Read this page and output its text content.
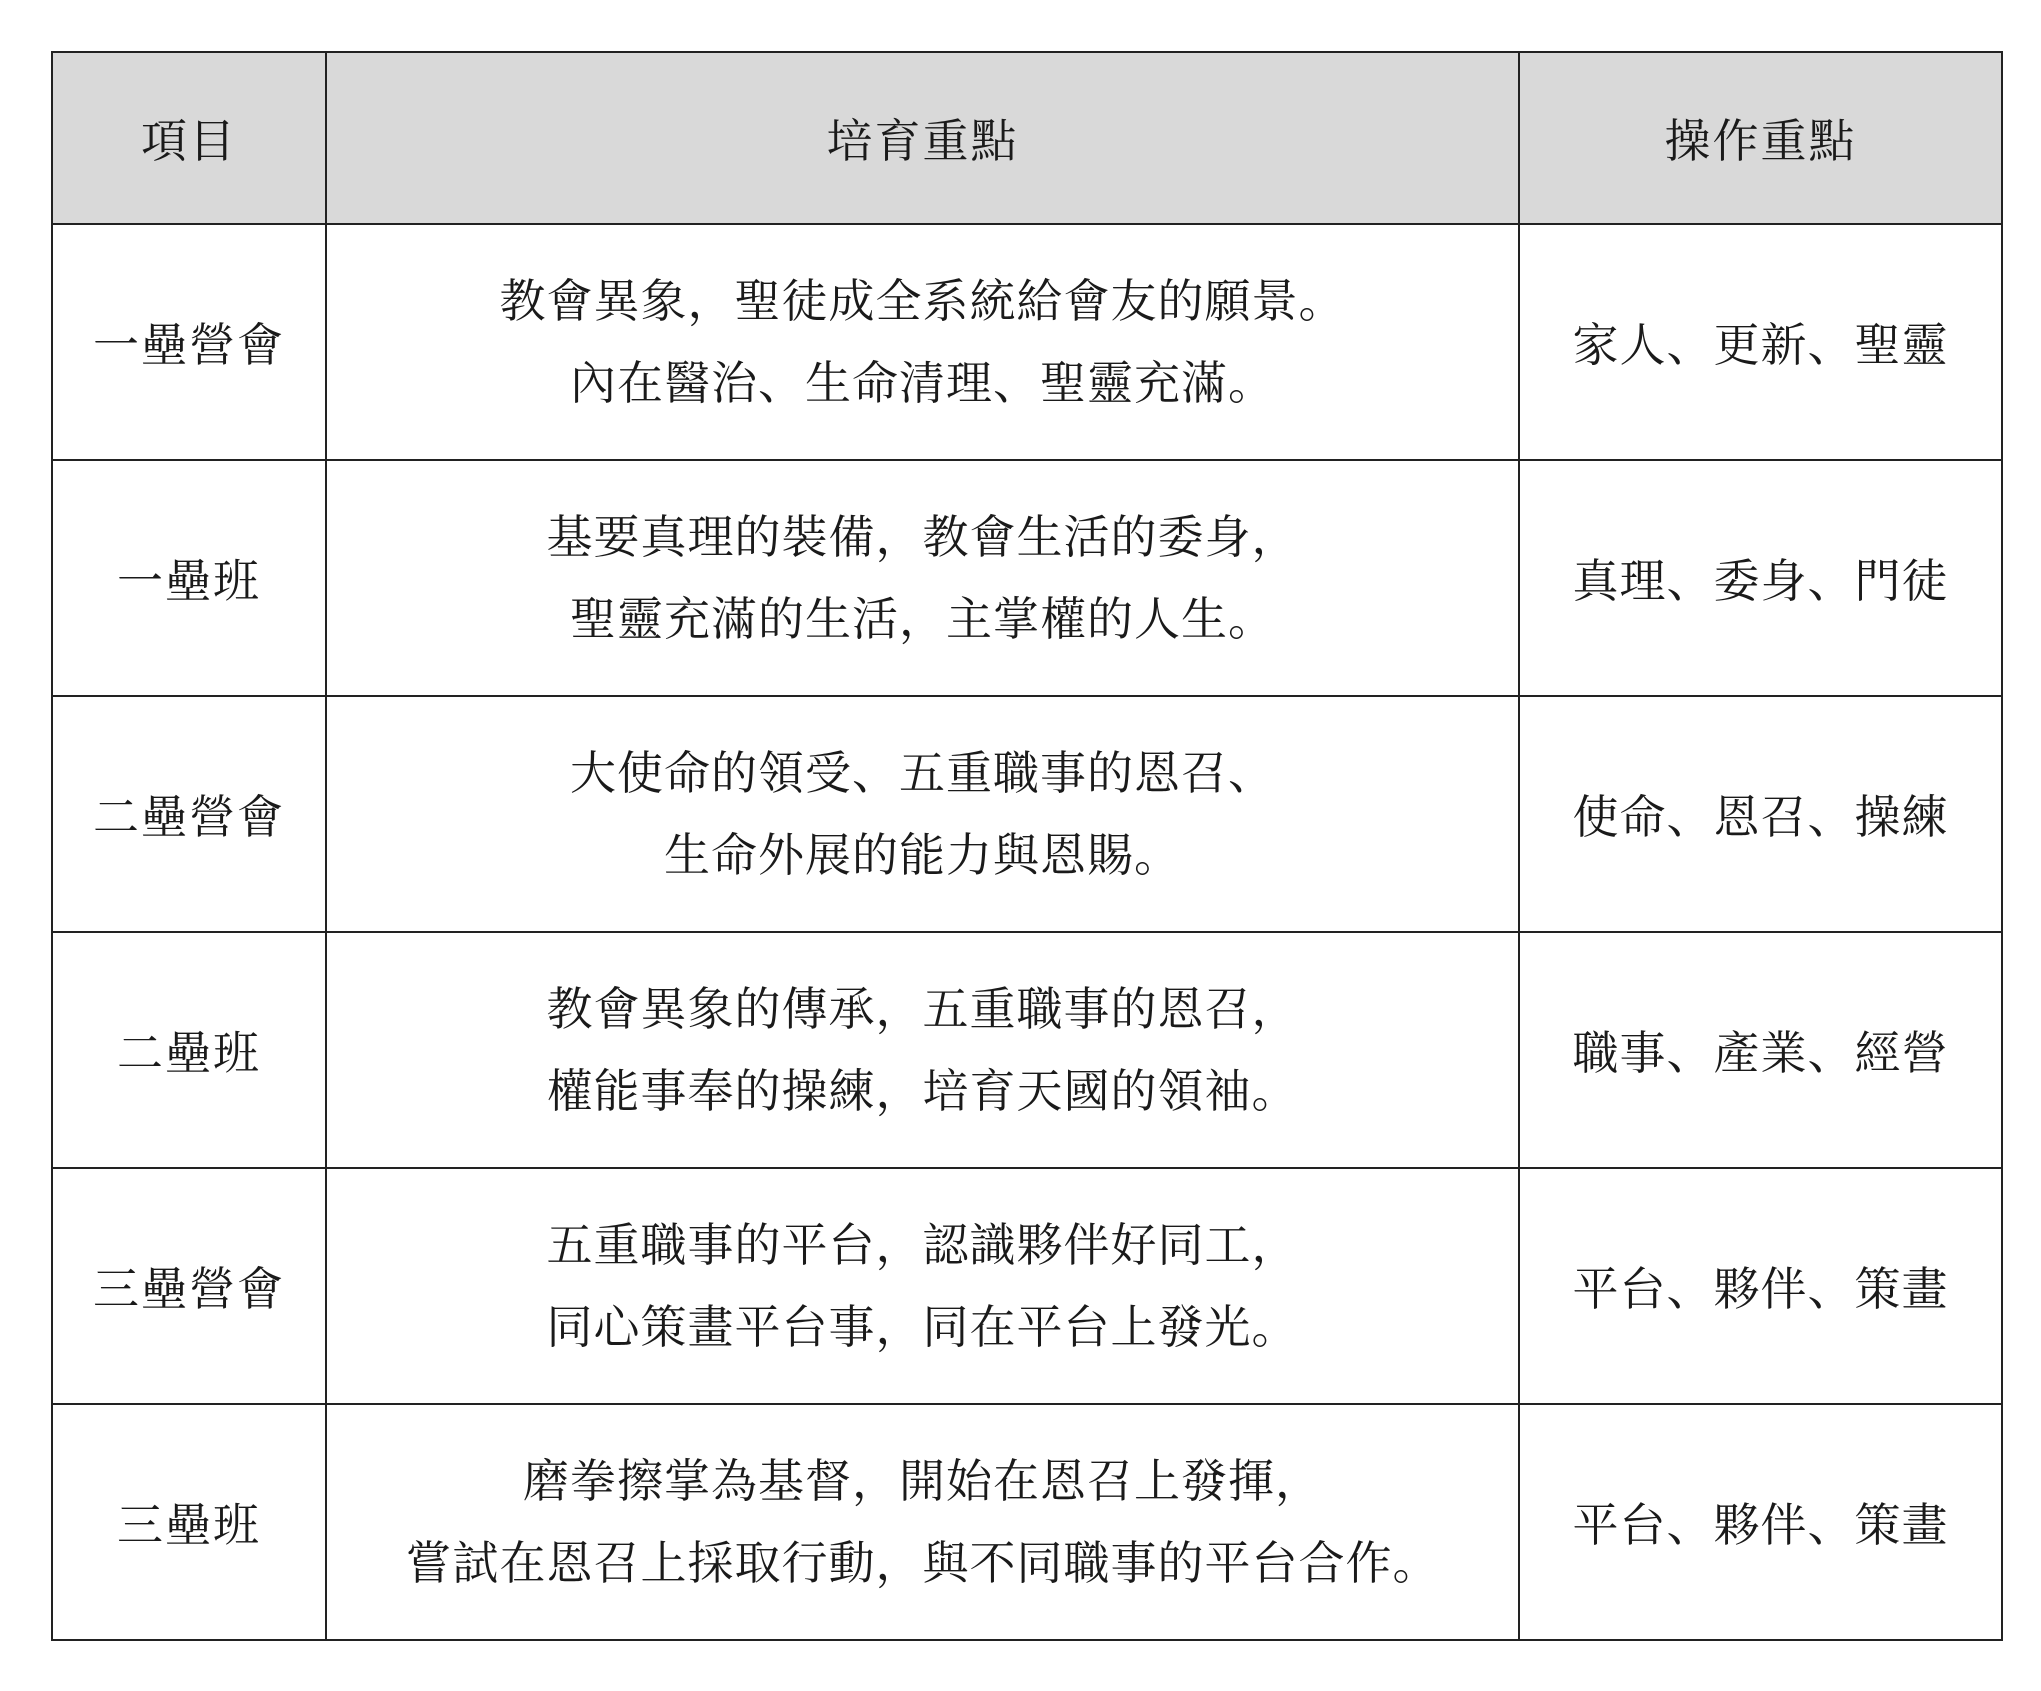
項目	培育重點	操作重點
一壘營會	教會異象，聖徒成全系統給會友的願景。
內在醫治、生命清理、聖靈充滿。	家人、更新、聖靈
一壘班	基要真理的裝備，教會生活的委身，
聖靈充滿的生活，主掌權的人生。	真理、委身、門徒
二壘營會	大使命的領受、五重職事的恩召、
生命外展的能力與恩賜。	使命、恩召、操練
二壘班	教會異象的傳承，五重職事的恩召，
權能事奉的操練，培育天國的領袖。	職事、產業、經營
三壘營會	五重職事的平台，認識夥伴好同工，
同心策畫平台事，同在平台上發光。	平台、夥伴、策畫
三壘班	磨拳擦掌為基督，開始在恩召上發揮，
嘗試在恩召上採取行動，與不同職事的平台合作。	平台、夥伴、策畫
